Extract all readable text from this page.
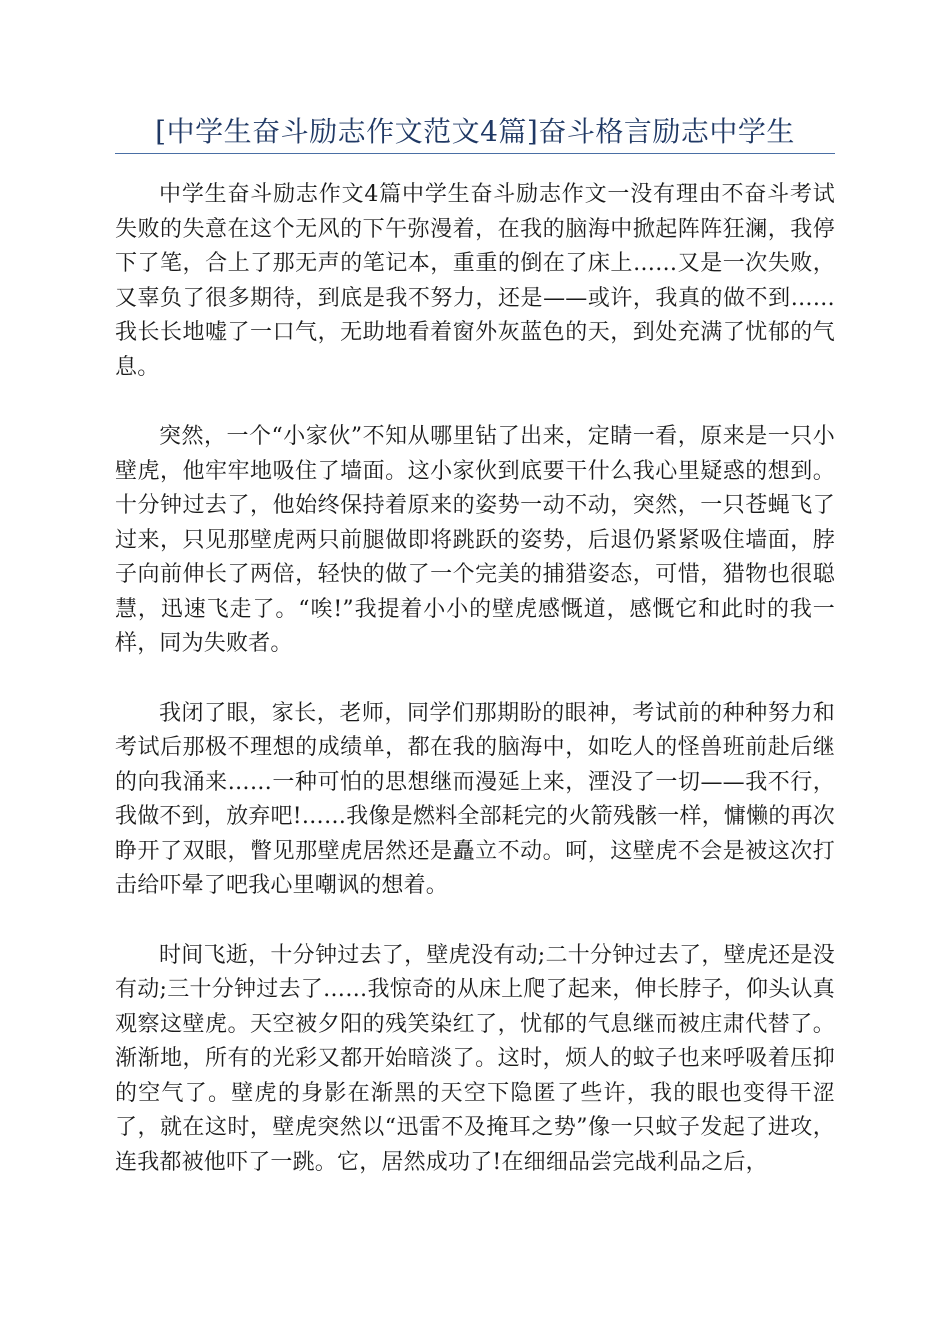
[中学生奋斗励志作文范文4篇]奋斗格言励志中学生

中学生奋斗励志作文4篇中学生奋斗励志作文一没有理由不奋斗考试失败的失意在这个无风的下午弥漫着，在我的脑海中掀起阵阵狂澜，我停下了笔，合上了那无声的笔记本，重重的倒在了床上……又是一次失败，又辜负了很多期待，到底是我不努力，还是——或许，我真的做不到……我长长地嘘了一口气，无助地看着窗外灰蓝色的天，到处充满了忧郁的气息。

突然，一个“小家伙”不知从哪里钻了出来，定睛一看，原来是一只小壁虎，他牢牢地吸住了墙面。这小家伙到底要干什么我心里疑惑的想到。十分钟过去了，他始终保持着原来的姿势一动不动，突然，一只苍蝇飞了过来，只见那壁虎两只前腿做即将跳跃的姿势，后退仍紧紧吸住墙面，脖子向前伸长了两倍，轻快的做了一个完美的捕猎姿态，可惜，猎物也很聪慧，迅速飞走了。“唉!”我提着小小的壁虎感慨道，感慨它和此时的我一样，同为失败者。

我闭了眼，家长，老师，同学们那期盼的眼神，考试前的种种努力和考试后那极不理想的成绩单，都在我的脑海中，如吃人的怪兽班前赴后继的向我涌来……一种可怕的思想继而漫延上来，湮没了一切——我不行，我做不到，放弃吧!……我像是燃料全部耗完的火箭残骸一样，慵懒的再次睁开了双眼，瞥见那壁虎居然还是矗立不动。呵，这壁虎不会是被这次打击给吓晕了吧我心里嘲讽的想着。

时间飞逝，十分钟过去了，壁虎没有动;二十分钟过去了，壁虎还是没有动;三十分钟过去了……我惊奇的从床上爬了起来，伸长脖子，仰头认真观察这壁虎。天空被夕阳的残笑染红了，忧郁的气息继而被庄肃代替了。渐渐地，所有的光彩又都开始暗淡了。这时，烦人的蚊子也来呼吸着压抑的空气了。壁虎的身影在渐黑的天空下隐匿了些许，我的眼也变得干涩了，就在这时，壁虎突然以“迅雷不及掩耳之势”像一只蚊子发起了进攻，连我都被他吓了一跳。它，居然成功了!在细细品尝完战利品之后，
